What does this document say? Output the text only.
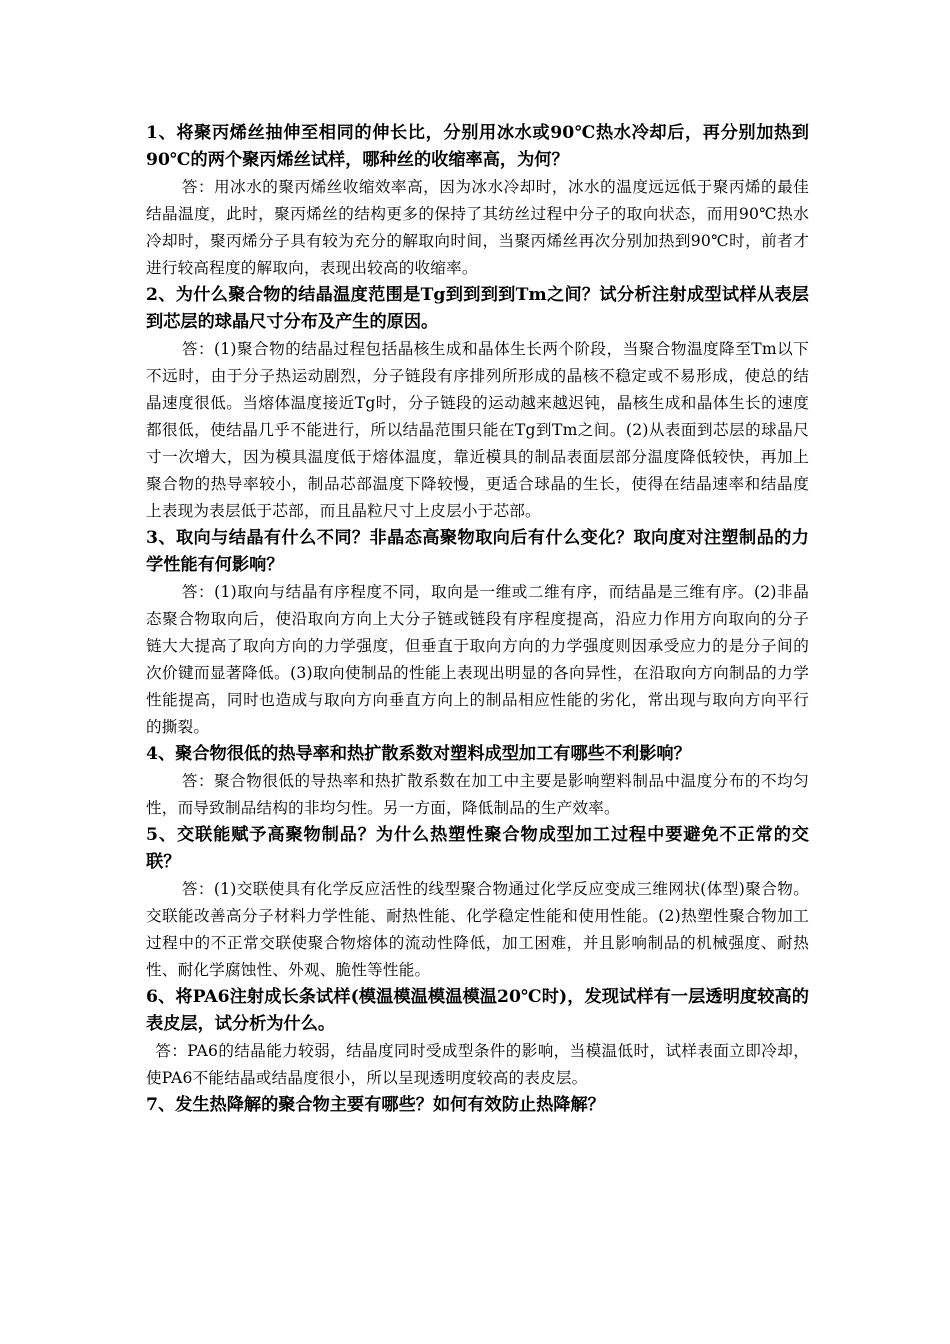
1、将聚丙烯丝抽伸至相同的伸长比，分别用冰水或90℃热水冷却后，再分别加热到90℃的两个聚丙烯丝试样，哪种丝的收缩率高，为何？

答：用冰水的聚丙烯丝收缩效率高，因为冰水冷却时，冰水的温度远远低于聚丙烯的最佳结晶温度，此时，聚丙烯丝的结构更多的保持了其纺丝过程中分子的取向状态，而用90℃热水冷却时，聚丙烯分子具有较为充分的解取向时间，当聚丙烯丝再次分别加热到90℃时，前者才进行较高程度的解取向，表现出较高的收缩率。

2、为什么聚合物的结晶温度范围是Tg到到到到Tm之间？试分析注射成型试样从表层到芯层的球晶尺寸分布及产生的原因。

答：(1)聚合物的结晶过程包括晶核生成和晶体生长两个阶段，当聚合物温度降至Tm以下不远时，由于分子热运动剧烈，分子链段有序排列所形成的晶核不稳定或不易形成，使总的结晶速度很低。当熔体温度接近Tg时，分子链段的运动越来越迟钝，晶核生成和晶体生长的速度都很低，使结晶几乎不能进行，所以结晶范围只能在Tg到Tm之间。(2)从表面到芯层的球晶尺寸一次增大，因为模具温度低于熔体温度，靠近模具的制品表面层部分温度降低较快，再加上聚合物的热导率较小，制品芯部温度下降较慢，更适合球晶的生长，使得在结晶速率和结晶度上表现为表层低于芯部，而且晶粒尺寸上皮层小于芯部。

3、取向与结晶有什么不同？非晶态高聚物取向后有什么变化？取向度对注塑制品的力学性能有何影响？

答：(1)取向与结晶有序程度不同，取向是一维或二维有序，而结晶是三维有序。(2)非晶态聚合物取向后，使沿取向方向上大分子链或链段有序程度提高，沿应力作用方向取向的分子链大大提高了取向方向的力学强度，但垂直于取向方向的力学强度则因承受应力的是分子间的次价键而显著降低。(3)取向使制品的性能上表现出明显的各向异性，在沿取向方向制品的力学性能提高，同时也造成与取向方向垂直方向上的制品相应性能的劣化，常出现与取向方向平行的撕裂。

4、聚合物很低的热导率和热扩散系数对塑料成型加工有哪些不利影响？

答：聚合物很低的导热率和热扩散系数在加工中主要是影响塑料制品中温度分布的不均匀性，而导致制品结构的非均匀性。另一方面，降低制品的生产效率。

5、交联能赋予高聚物制品？为什么热塑性聚合物成型加工过程中要避免不正常的交联？

答：(1)交联使具有化学反应活性的线型聚合物通过化学反应变成三维网状(体型)聚合物。交联能改善高分子材料力学性能、耐热性能、化学稳定性能和使用性能。(2)热塑性聚合物加工过程中的不正常交联使聚合物熔体的流动性降低，加工困难，并且影响制品的机械强度、耐热性、耐化学腐蚀性、外观、脆性等性能。

6、将PA6注射成长条试样(模温模温模温模温20℃时)，发现试样有一层透明度较高的表皮层，试分析为什么。

答：PA6的结晶能力较弱，结晶度同时受成型条件的影响，当模温低时，试样表面立即冷却，使PA6不能结晶或结晶度很小，所以呈现透明度较高的表皮层。

7、发生热降解的聚合物主要有哪些？如何有效防止热降解？
